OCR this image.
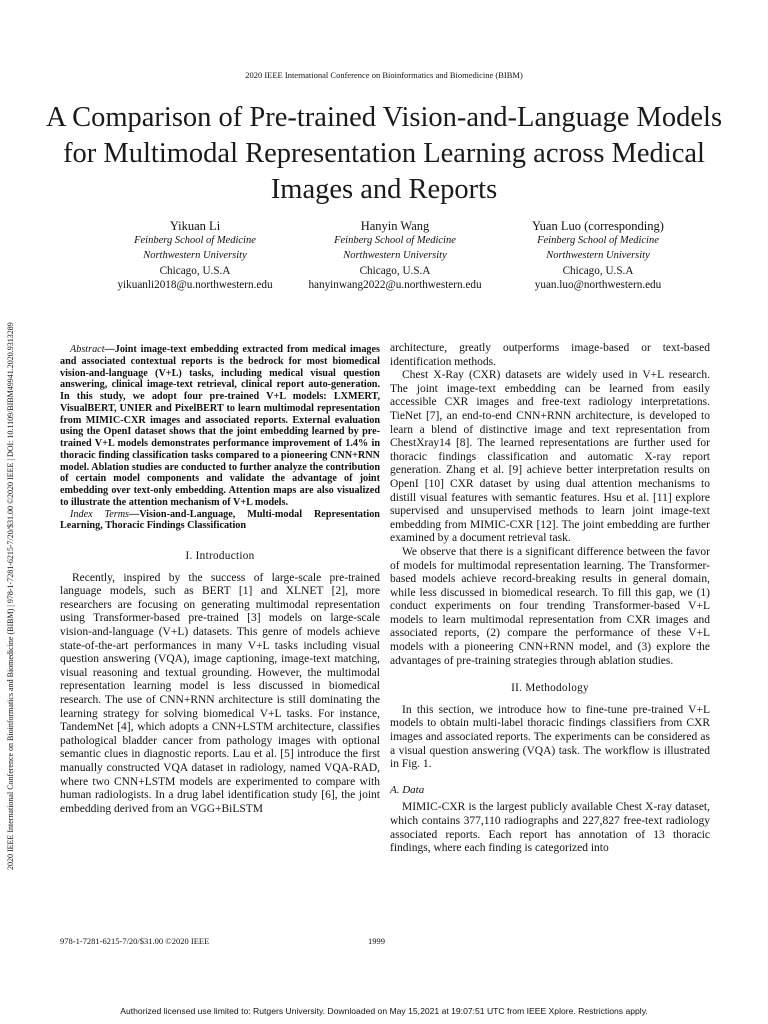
2020 IEEE International Conference on Bioinformatics and Biomedicine (BIBM)
A Comparison of Pre-trained Vision-and-Language Models for Multimodal Representation Learning across Medical Images and Reports
Yikuan Li
Feinberg School of Medicine
Northwestern University
Chicago, U.S.A
yikuanli2018@u.northwestern.edu
Hanyin Wang
Feinberg School of Medicine
Northwestern University
Chicago, U.S.A
hanyinwang2022@u.northwestern.edu
Yuan Luo (corresponding)
Feinberg School of Medicine
Northwestern University
Chicago, U.S.A
yuan.luo@northwestern.edu
2020 IEEE International Conference on Bioinformatics and Biomedicine (BIBM) | 978-1-7281-6215-7/20/$31.00 ©2020 IEEE | DOI: 10.1109/BIBM49941.2020.9313289	Abstract—Joint image-text embedding extracted from medical images and associated contextual reports is the bedrock for most biomedical vision-and-language (V+L) tasks, including medical visual question answering, clinical image-text retrieval, clinical report auto-generation. In this study, we adopt four pre-trained V+L models: LXMERT, VisualBERT, UNIER and PixelBERT to learn multimodal representation from MIMIC-CXR images and associated reports. External evaluation using the OpenI dataset shows that the joint embedding learned by pre-trained V+L models demonstrates performance improvement of 1.4% in thoracic finding classification tasks compared to a pioneering CNN+RNN model. Ablation studies are conducted to further analyze the contribution of certain model components and validate the advantage of joint embedding over text-only embedding. Attention maps are also visualized to illustrate the attention mechanism of V+L models.

Index Terms—Vision-and-Language, Multi-modal Representation Learning, Thoracic Findings Classification

I. Introduction

Recently, inspired by the success of large-scale pre-trained language models, such as BERT [1] and XLNET [2], more researchers are focusing on generating multimodal representation using Transformer-based pre-trained [3] models on large-scale vision-and-language (V+L) datasets. This genre of models achieve state-of-the-art performances in many V+L tasks including visual question answering (VQA), image captioning, image-text matching, visual reasoning and textual grounding. However, the multimodal representation learning model is less discussed in biomedical research. The use of CNN+RNN architecture is still dominating the learning strategy for solving biomedical V+L tasks. For instance, TandemNet [4], which adopts a CNN+LSTM architecture, classifies pathological bladder cancer from pathology images with optional semantic clues in diagnostic reports. Lau et al. [5] introduce the first manually constructed VQA dataset in radiology, named VQA-RAD, where two CNN+LSTM models are experimented to compare with human radiologists. In a drug label identification study [6], the joint embedding derived from an VGG+BiLSTM

architecture, greatly outperforms image-based or text-based identification methods.

Chest X-Ray (CXR) datasets are widely used in V+L research. The joint image-text embedding can be learned from easily accessible CXR images and free-text radiology interpretations. TieNet [7], an end-to-end CNN+RNN architecture, is developed to learn a blend of distinctive image and text representation from ChestXray14 [8]. The learned representations are further used for thoracic findings classification and automatic X-ray report generation. Zhang et al. [9] achieve better interpretation results on OpenI [10] CXR dataset by using dual attention mechanisms to distill visual features with semantic features. Hsu et al. [11] explore supervised and unsupervised methods to learn joint image-text embedding from MIMIC-CXR [12]. The joint embedding are further examined by a document retrieval task.

We observe that there is a significant difference between the favor of models for multimodal representation learning. The Transformer-based models achieve record-breaking results in general domain, while less discussed in biomedical research. To fill this gap, we (1) conduct experiments on four trending Transformer-based V+L models to learn multimodal representation from CXR images and associated reports, (2) compare the performance of these V+L models with a pioneering CNN+RNN model, and (3) explore the advantages of pre-training strategies through ablation studies.

II. Methodology

In this section, we introduce how to fine-tune pre-trained V+L models to obtain multi-label thoracic findings classifiers from CXR images and associated reports. The experiments can be considered as a visual question answering (VQA) task. The workflow is illustrated in Fig. 1.

A. Data

MIMIC-CXR is the largest publicly available Chest X-ray dataset, which contains 377,110 radiographs and 227,827 free-text radiology associated reports. Each report has annotation of 13 thoracic findings, where each finding is categorized into

978-1-7281-6215-7/20/$31.00 ©2020 IEEE	1999
Authorized licensed use limited to: Rutgers University. Downloaded on May 15,2021 at 19:07:51 UTC from IEEE Xplore. Restrictions apply.
